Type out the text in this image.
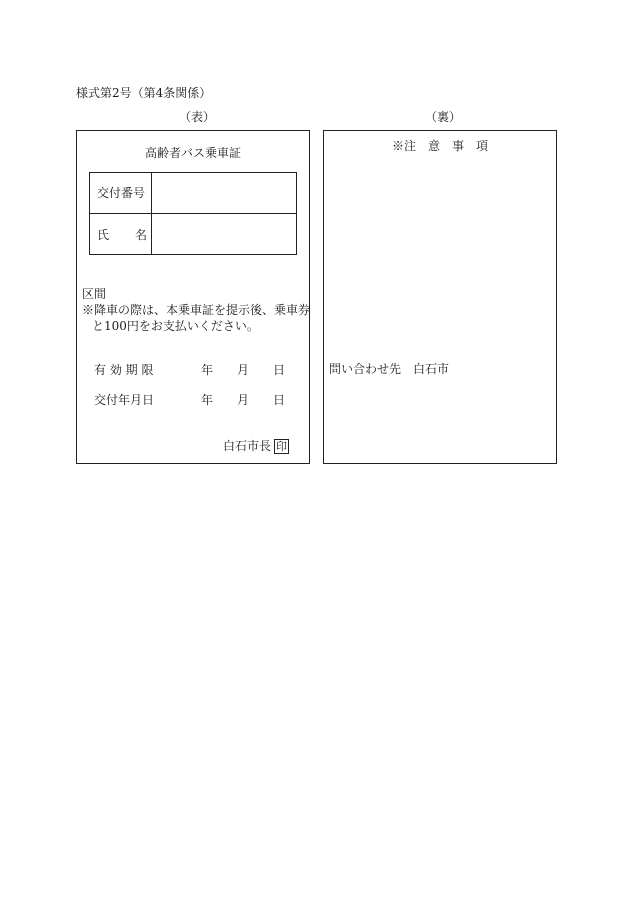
様式第2号（第4条関係）
（表）	（裏）
高齢者バス乗車証
交付番号
氏 名
区間
※降車の際は、本乗車証を提示後、乗車券
と100円をお支払いください。
有 効 期 限	年 月 日
交付年月日	年 月 日
白石市長 印
※注　意　事　項
問い合わせ先 白石市
